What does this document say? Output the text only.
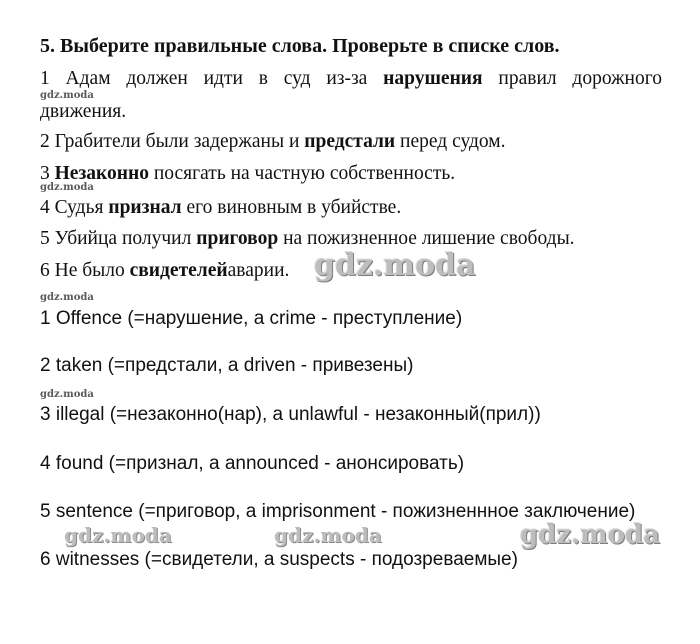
5. Выберите правильные слова. Проверьте в списке слов.
1 Адам должен идти в суд из-за нарушения правил дорожного
движения.
2 Грабители были задержаны и предстали перед судом.
3 Незаконно посягать на частную собственность.
4 Судья признал его виновным в убийстве.
5 Убийца получил приговор на пожизненное лишение свободы.
6 Не было свидетелейаварии.
1 Offence (=нарушение, a crime - преступление)
2 taken (=предстали, a driven - привезены)
3 illegal (=незаконно(нар), a unlawful - незаконный(прил))
4 found (=признал, a announced - анонсировать)
5 sentence (=приговор, a imprisonment - пожизненнное заключение)
6 witnesses (=свидетели, a suspects - подозреваемые)
gdz.moda
gdz.moda
gdz.moda
gdz.moda
gdz.moda
gdz.moda	gdz.moda	gdz.moda
